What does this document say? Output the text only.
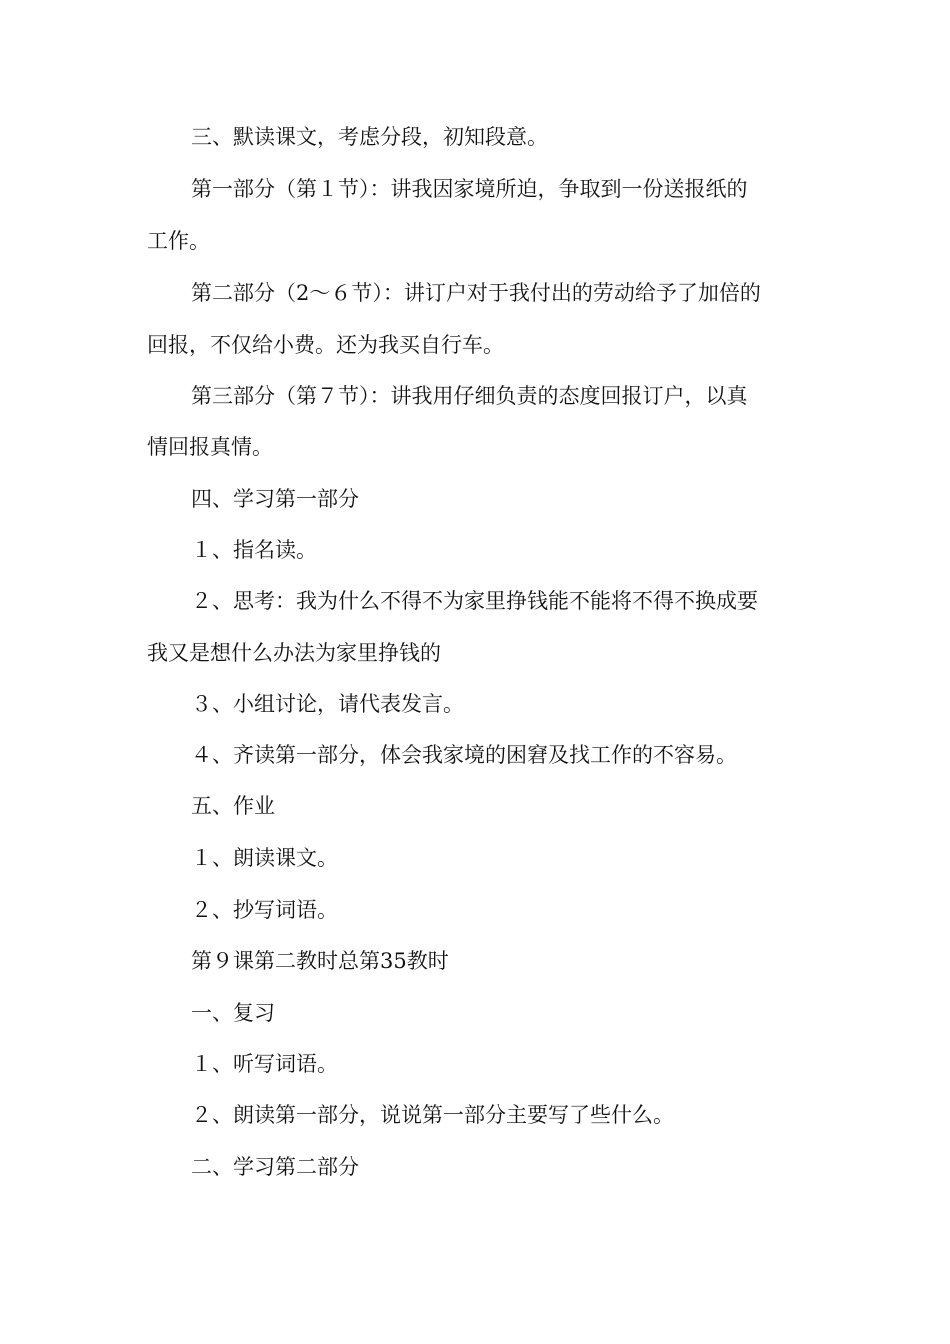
三、默读课文，考虑分段，初知段意。
第一部分（第１节）：讲我因家境所迫，争取到一份送报纸的
工作。
第二部分（2～６节）：讲订户对于我付出的劳动给予了加倍的
回报，不仅给小费。还为我买自行车。
第三部分（第７节）：讲我用仔细负责的态度回报订户，以真
情回报真情。
四、学习第一部分
１、指名读。
２、思考：我为什么不得不为家里挣钱能不能将不得不换成要
我又是想什么办法为家里挣钱的
３、小组讨论，请代表发言。
４、齐读第一部分，体会我家境的困窘及找工作的不容易。
五、作业
１、朗读课文。
２、抄写词语。
第９课第二教时总第35教时
一、复习
１、听写词语。
２、朗读第一部分，说说第一部分主要写了些什么。
二、学习第二部分
